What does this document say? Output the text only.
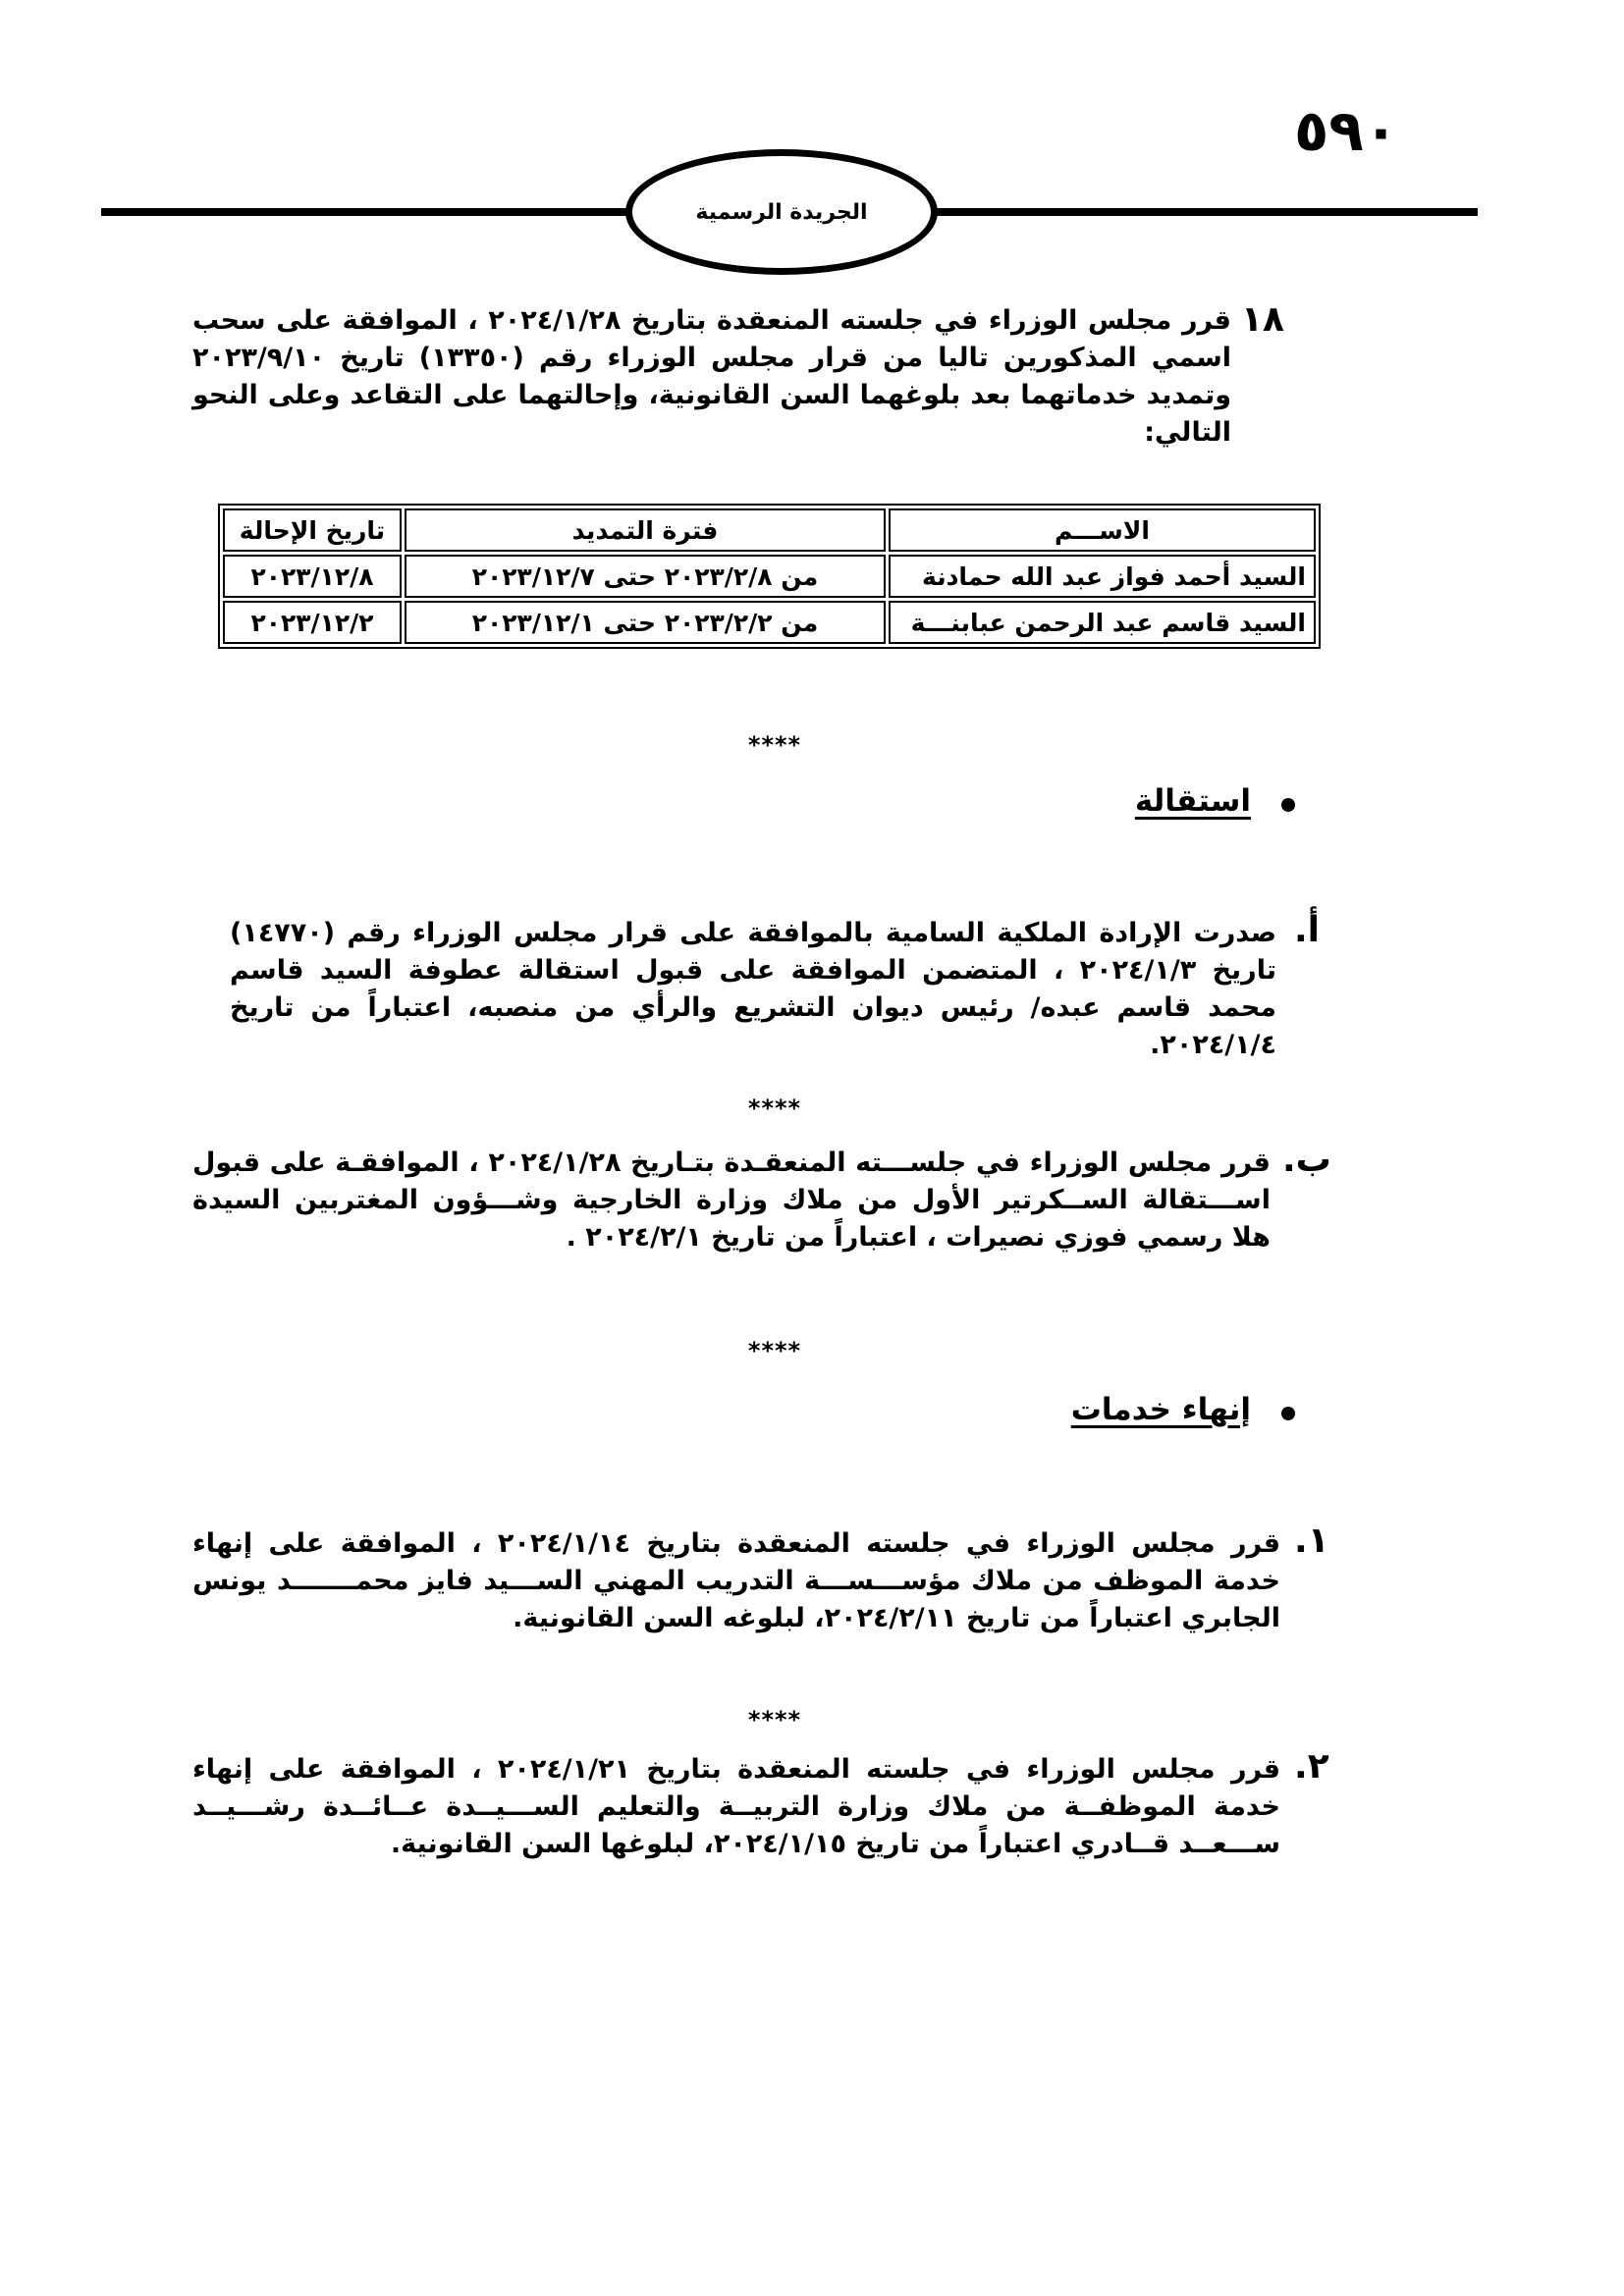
٥٩٠
الجريدة الرسمية
١٨
قرر مجلس الوزراء في جلسته المنعقدة بتاريخ ٢٠٢٤/١/٢٨ ، الموافقة على سحب اسمي المذكورين تاليا من قرار مجلس الوزراء رقم (١٣٣٥٠) تاريخ ٢٠٢٣/٩/١٠ وتمديد خدماتهما بعد بلوغهما السن القانونية، وإحالتهما على التقاعد وعلى النحو التالي:
الاســـم	فترة التمديد	تاريخ الإحالة
السيد أحمد فواز عبد الله حمادنة	من ٢٠٢٣/٢/٨ حتى ٢٠٢٣/١٢/٧	٢٠٢٣/١٢/٨
السيد قاسم عبد الرحمن عبابنـــة	من ٢٠٢٣/٢/٢ حتى ٢٠٢٣/١٢/١	٢٠٢٣/١٢/٢
****
استقالة
أ.
صدرت الإرادة الملكية السامية بالموافقة على قرار مجلس الوزراء رقم (١٤٧٧٠) تاريخ ٢٠٢٤/١/٣ ، المتضمن الموافقة على قبول استقالة عطوفة السيد قاسم محمد قاسم عبده/ رئيس ديوان التشريع والرأي من منصبه، اعتباراً من تاريخ ٢٠٢٤/١/٤.
****
ب.
قرر مجلس الوزراء في جلســـته المنعقـدة بتـاريخ ٢٠٢٤/١/٢٨ ، الموافقـة على قبول اســـتقالة الســكرتير الأول من ملاك وزارة الخارجية وشـــؤون المغتربين السيدة هلا رسمي فوزي نصيرات ، اعتباراً من تاريخ ٢٠٢٤/٢/١ .
****
إنهاء خدمات
١.
قرر مجلس الوزراء في جلسته المنعقدة بتاريخ ٢٠٢٤/١/١٤ ، الموافقة على إنهاء خدمة الموظف من ملاك مؤســـســـة التدريب المهني الســـيد فايز محمـــــــد يونس الجابري اعتباراً من تاريخ ٢٠٢٤/٢/١١، لبلوغه السن القانونية.
****
٢.
قرر مجلس الوزراء في جلسته المنعقدة بتاريخ ٢٠٢٤/١/٢١ ، الموافقة على إنهاء خدمة الموظفــة من ملاك وزارة التربيــة والتعليم الســـيــدة عــائــدة رشـــيــد ســـعــد قــادري اعتباراً من تاريخ ٢٠٢٤/١/١٥، لبلوغها السن القانونية.
